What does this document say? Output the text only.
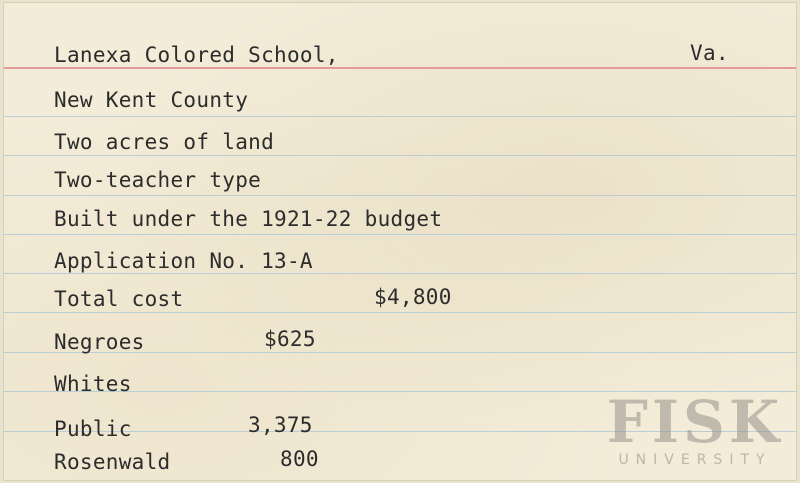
Lanexa Colored School,	Va.
New Kent County
Two acres of land
Two-teacher type
Built under the 1921-22 budget
Application No. 13-A
Total cost	$4,800
Negroes	$625
Whites
Public	3,375
Rosenwald	800
FISK
UNIVERSITY
